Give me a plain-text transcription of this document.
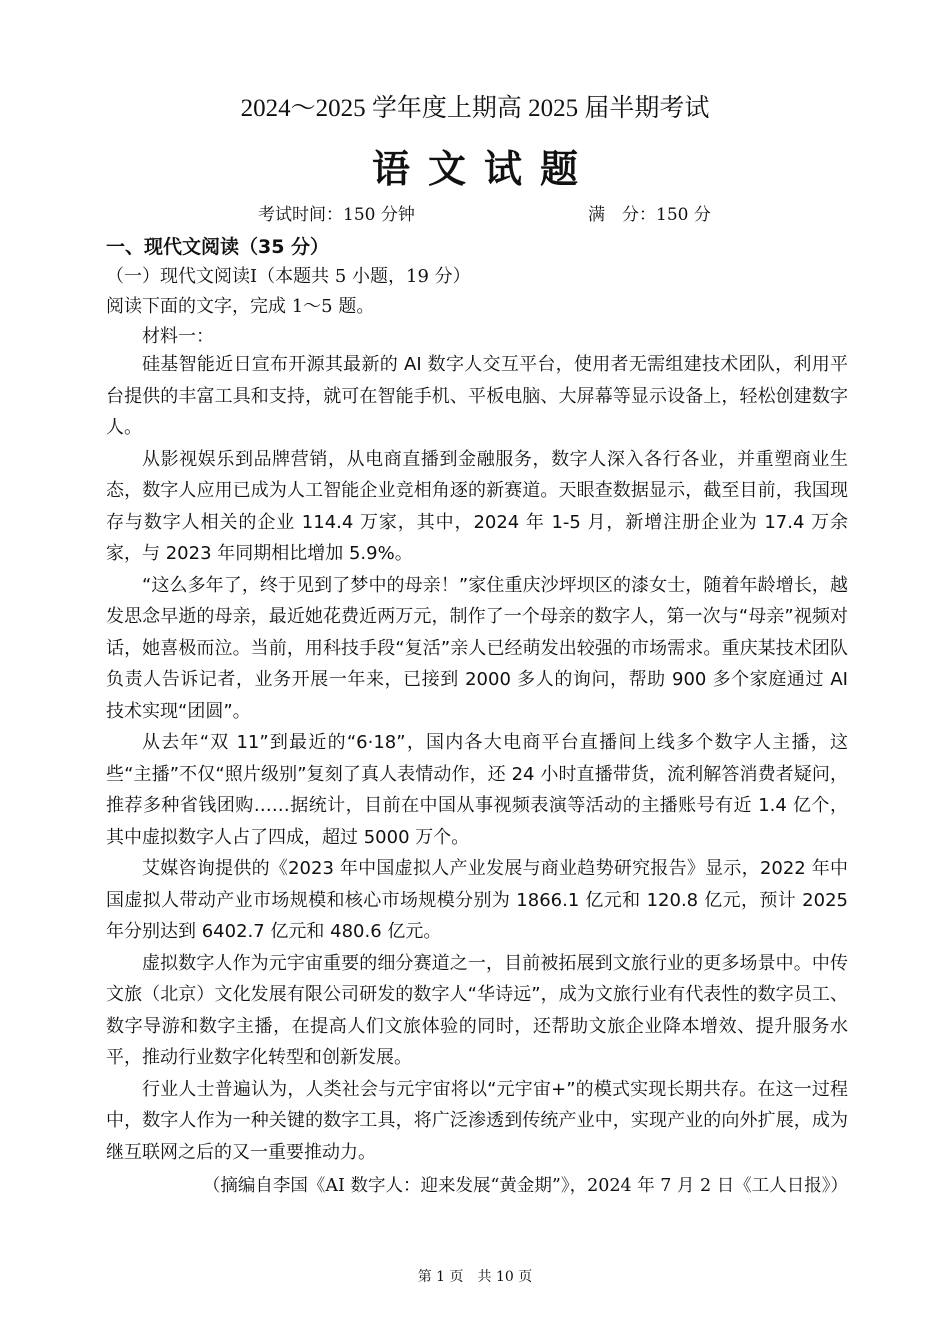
2024～2025 学年度上期高 2025 届半期考试
语文试题
考试时间：150 分钟	满　分：150 分
一、现代文阅读（35 分）
（一）现代文阅读Ⅰ（本题共 5 小题，19 分）
阅读下面的文字，完成 1～5 题。
材料一：

硅基智能近日宣布开源其最新的 AI 数字人交互平台，使用者无需组建技术团队，利用平台提供的丰富工具和支持，就可在智能手机、平板电脑、大屏幕等显示设备上，轻松创建数字人。

从影视娱乐到品牌营销，从电商直播到金融服务，数字人深入各行各业，并重塑商业生态，数字人应用已成为人工智能企业竞相角逐的新赛道。天眼查数据显示，截至目前，我国现存与数字人相关的企业 114.4 万家，其中，2024 年 1-5 月，新增注册企业为 17.4 万余家，与 2023 年同期相比增加 5.9%。

“这么多年了，终于见到了梦中的母亲！”家住重庆沙坪坝区的漆女士，随着年龄增长，越发思念早逝的母亲，最近她花费近两万元，制作了一个母亲的数字人，第一次与“母亲”视频对话，她喜极而泣。当前，用科技手段“复活”亲人已经萌发出较强的市场需求。重庆某技术团队负责人告诉记者，业务开展一年来，已接到 2000 多人的询问，帮助 900 多个家庭通过 AI 技术实现“团圆”。

从去年“双 11”到最近的“6·18”，国内各大电商平台直播间上线多个数字人主播，这些“主播”不仅“照片级别”复刻了真人表情动作，还 24 小时直播带货，流利解答消费者疑问，推荐多种省钱团购……据统计，目前在中国从事视频表演等活动的主播账号有近 1.4 亿个，其中虚拟数字人占了四成，超过 5000 万个。

艾媒咨询提供的《2023 年中国虚拟人产业发展与商业趋势研究报告》显示，2022 年中国虚拟人带动产业市场规模和核心市场规模分别为 1866.1 亿元和 120.8 亿元，预计 2025 年分别达到 6402.7 亿元和 480.6 亿元。

虚拟数字人作为元宇宙重要的细分赛道之一，目前被拓展到文旅行业的更多场景中。中传文旅（北京）文化发展有限公司研发的数字人“华诗远”，成为文旅行业有代表性的数字员工、数字导游和数字主播，在提高人们文旅体验的同时，还帮助文旅企业降本增效、提升服务水平，推动行业数字化转型和创新发展。

行业人士普遍认为，人类社会与元宇宙将以“元宇宙+”的模式实现长期共存。在这一过程中，数字人作为一种关键的数字工具，将广泛渗透到传统产业中，实现产业的向外扩展，成为继互联网之后的又一重要推动力。

（摘编自李国《AI 数字人：迎来发展“黄金期”》，2024 年 7 月 2 日《工人日报》）
第 1 页　共 10 页
